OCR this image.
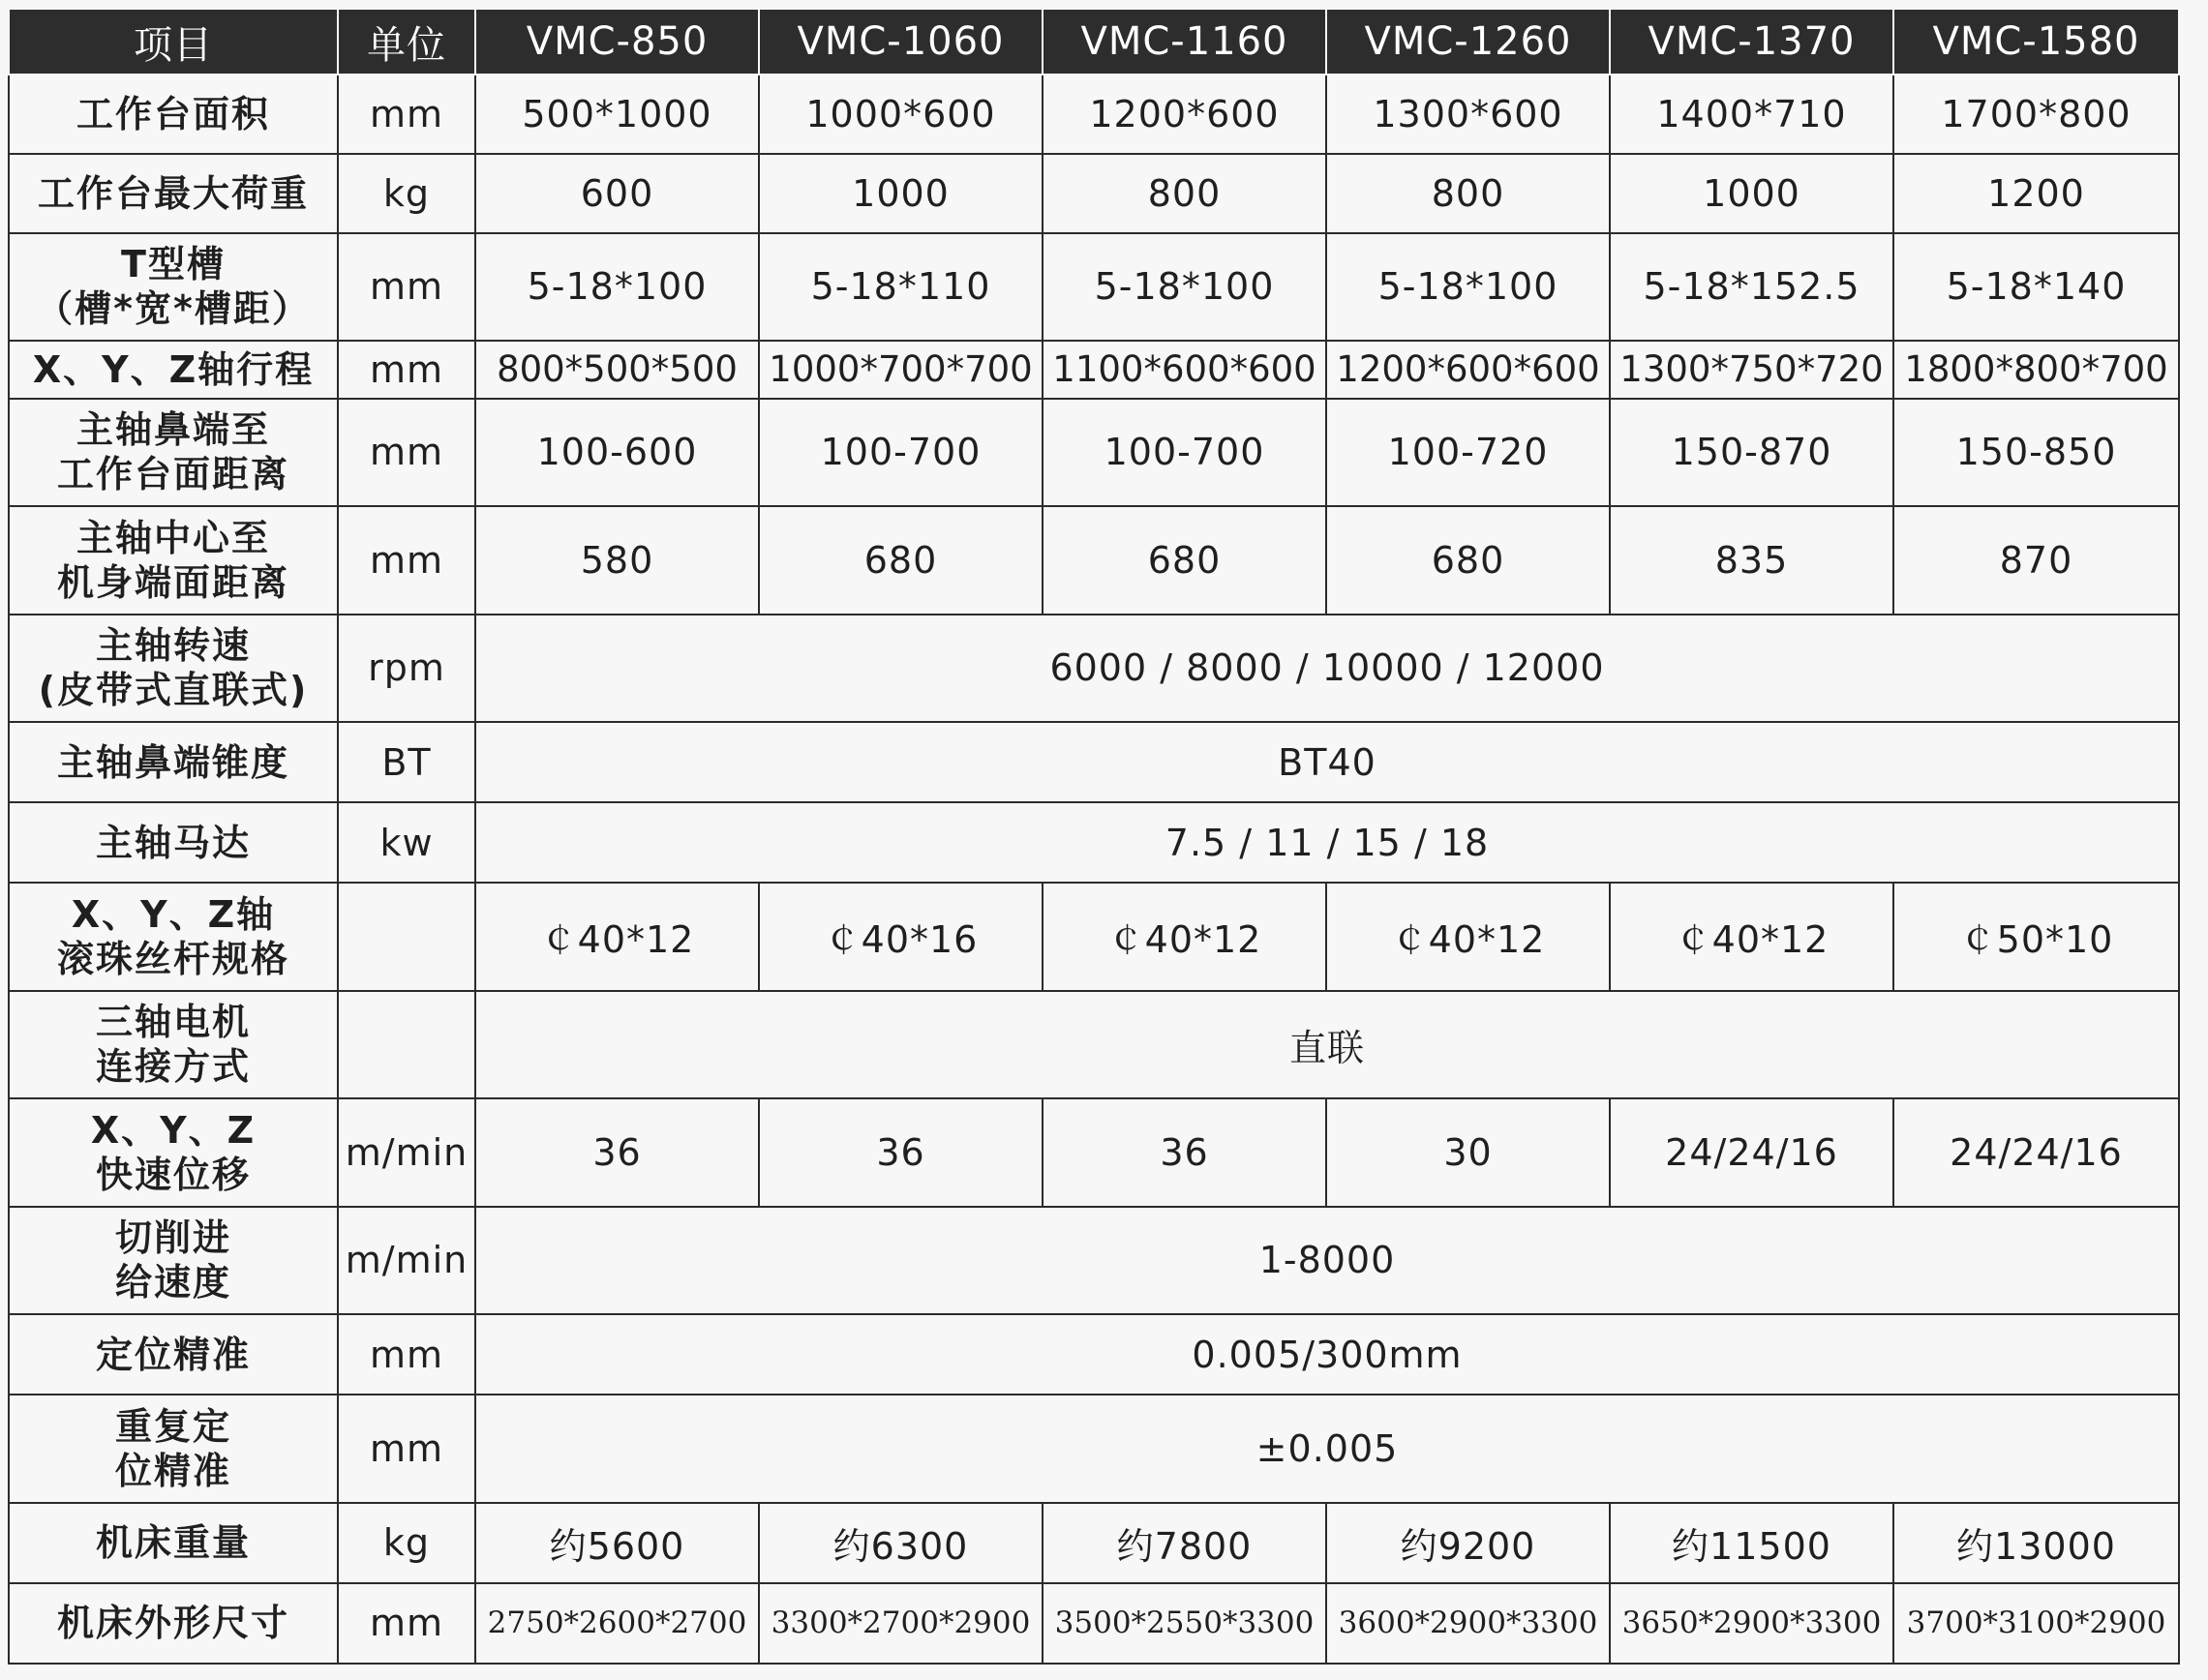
项目	单位	VMC-850	VMC-1060	VMC-1160	VMC-1260	VMC-1370	VMC-1580

工作台面积	mm	500*1000	1000*600	1200*600	1300*600	1400*710	1700*800

工作台最大荷重	kg	600	1000	800	800	1000	1200

T型槽
（槽*宽*槽距）	mm	5-18*100	5-18*110	5-18*100	5-18*100	5-18*152.5	5-18*140

X、Y、Z轴行程	mm	800*500*500	1000*700*700	1100*600*600	1200*600*600	1300*750*720	1800*800*700

主轴鼻端至
工作台面距离	mm	100-600	100-700	100-700	100-720	150-870	150-850

主轴中心至
机身端面距离	mm	580	680	680	680	835	870

主轴转速
(皮带式直联式)	rpm	6000 / 8000 / 10000 / 12000					

主轴鼻端锥度	BT	BT40					

主轴马达	kw	7.5 / 11 / 15 / 18					

X、Y、Z轴
滚珠丝杆规格		￠40*12	￠40*16	￠40*12	￠40*12	￠40*12	￠50*10

三轴电机
连接方式		直联					

X、Y、Z
快速位移	m/min	36	36	36	30	24/24/16	24/24/16

切削进
给速度	m/min	1-8000					

定位精准	mm	0.005/300mm					

重复定
位精准	mm	±0.005					

机床重量	kg	约5600	约6300	约7800	约9200	约11500	约13000

机床外形尺寸	mm	2750*2600*2700	3300*2700*2900	3500*2550*3300	3600*2900*3300	3650*2900*3300	3700*3100*2900
